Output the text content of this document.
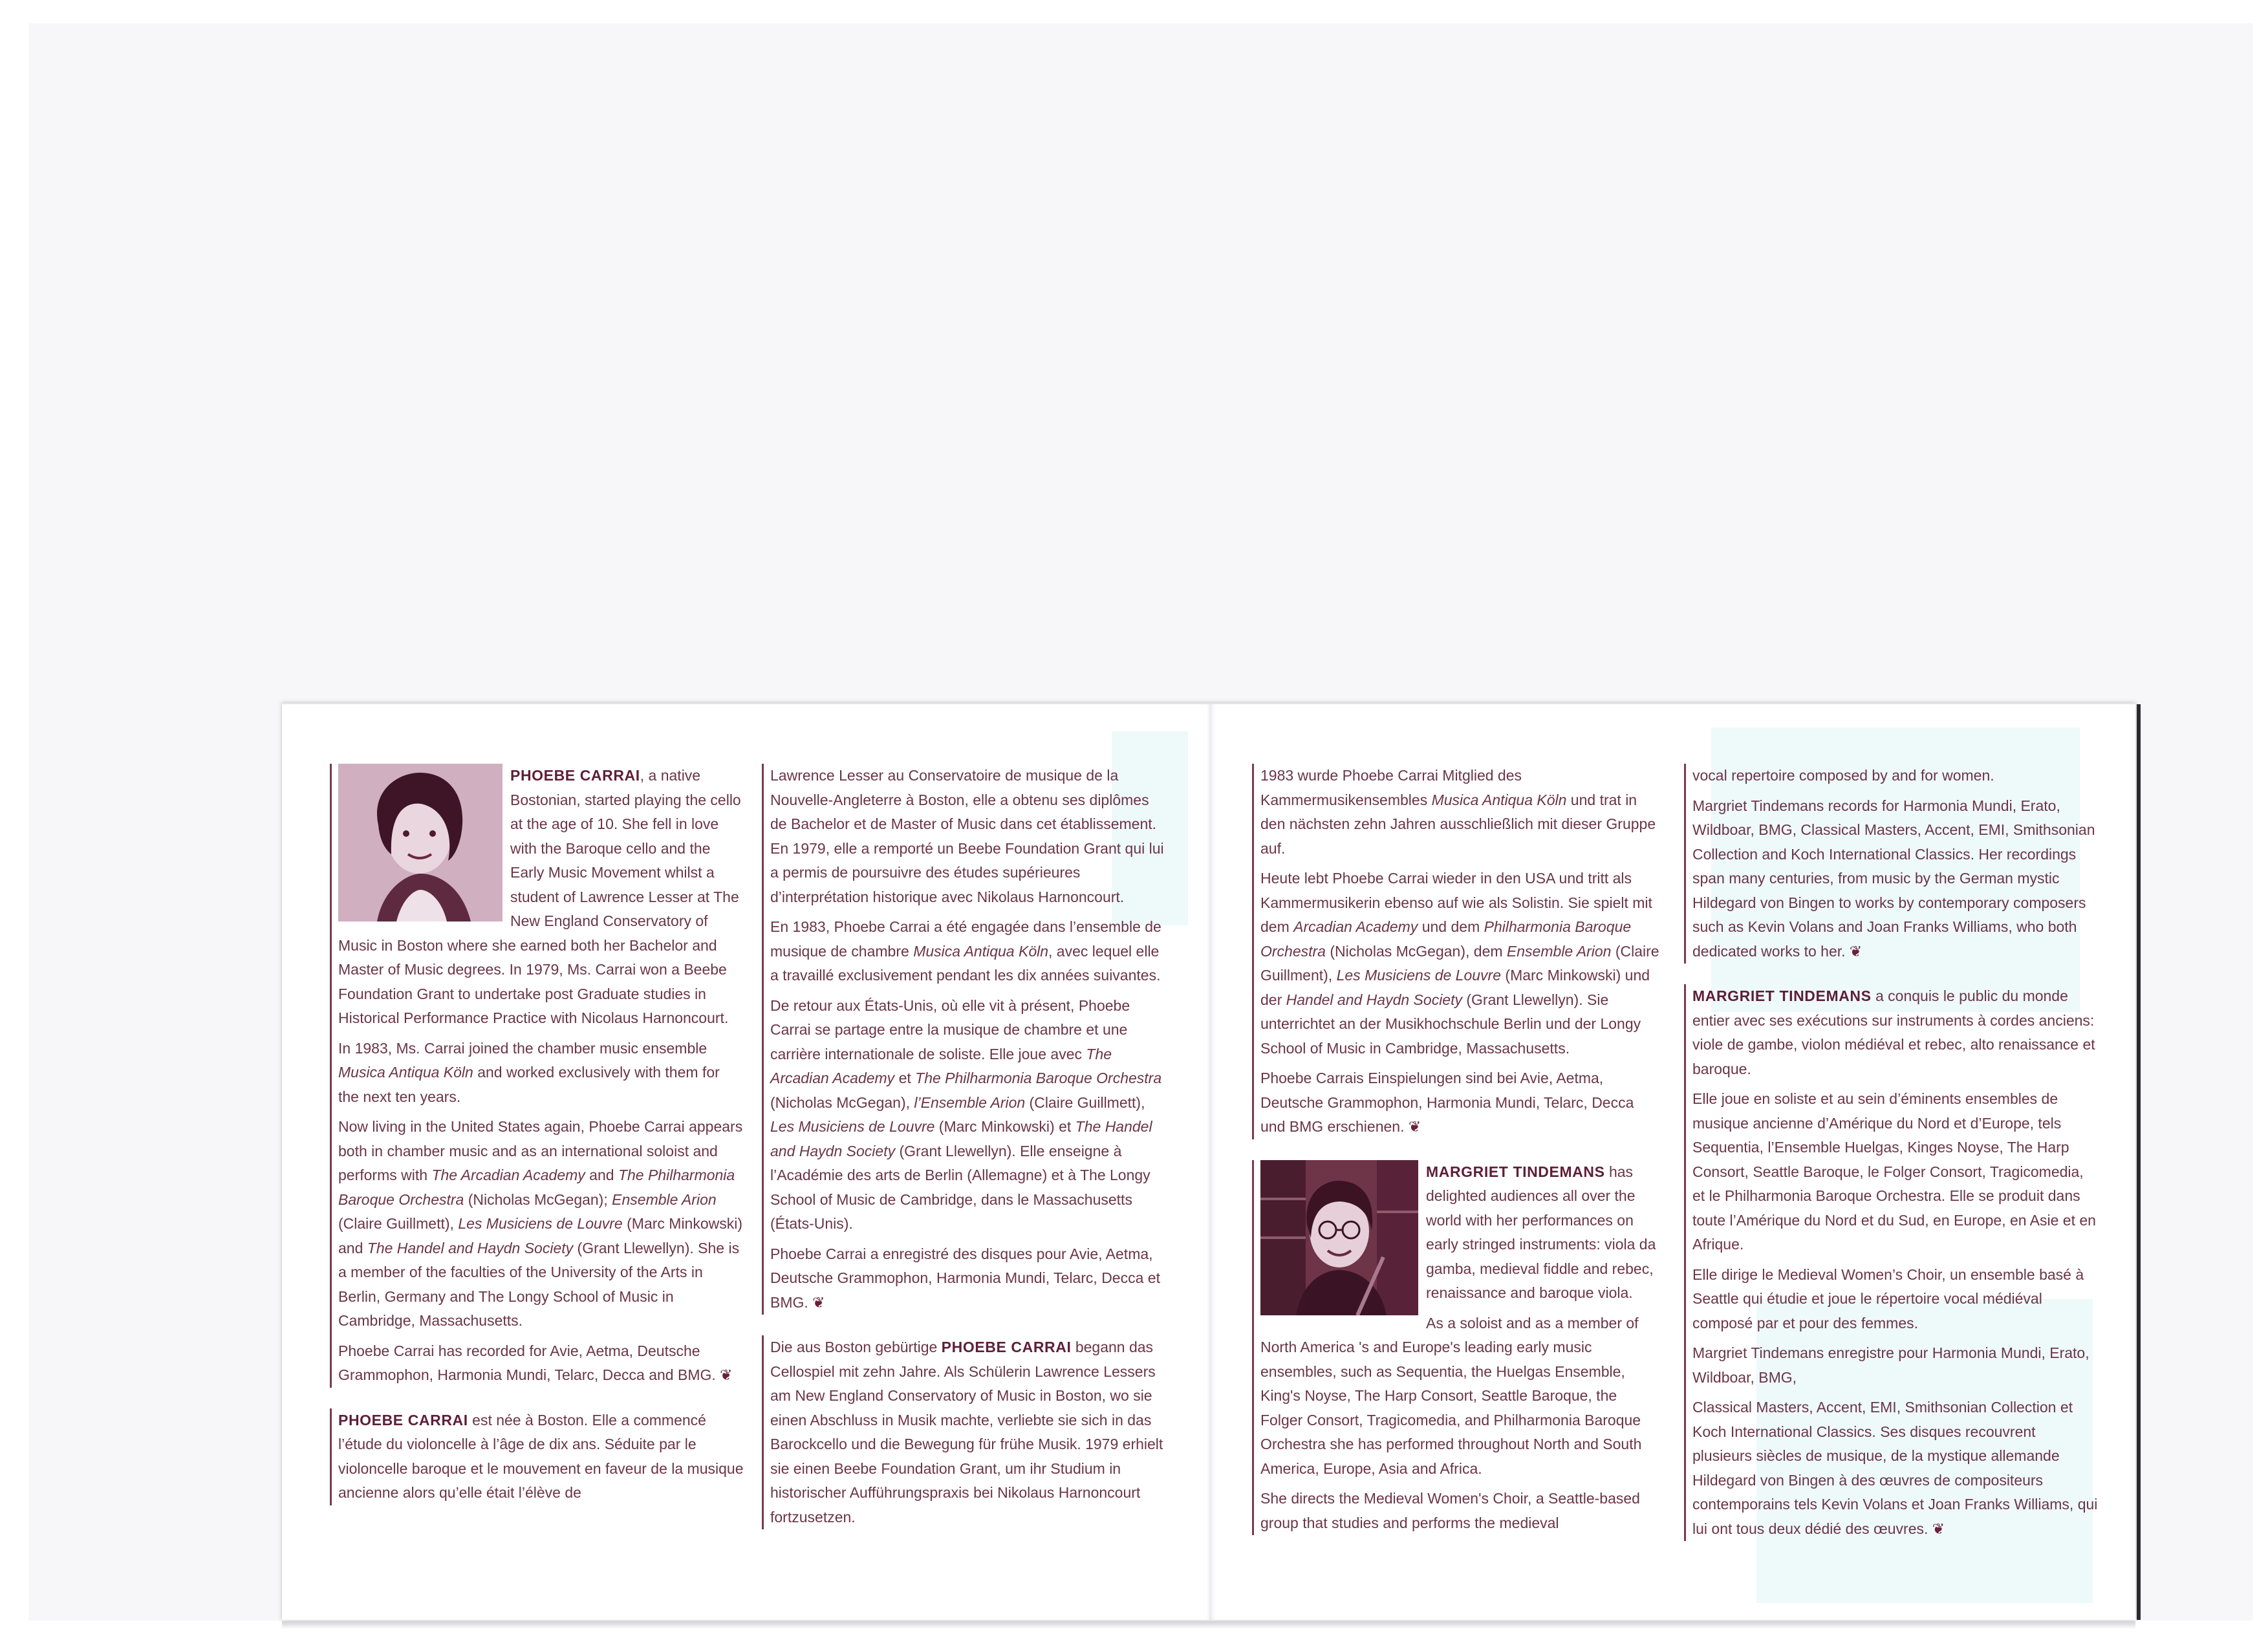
PHOEBE CARRAI, a native Bostonian, started playing the cello at the age of 10. She fell in love with the Baroque cello and the Early Music Movement whilst a student of Lawrence Lesser at The New England Conservatory of Music in Boston where she earned both her Bachelor and Master of Music degrees. In 1979, Ms. Carrai won a Beebe Foundation Grant to undertake post Graduate studies in Historical Performance Practice with Nicolaus Harnoncourt.

In 1983, Ms. Carrai joined the chamber music ensemble Musica Antiqua Köln and worked exclusively with them for the next ten years.

Now living in the United States again, Phoebe Carrai appears both in chamber music and as an international soloist and performs with The Arcadian Academy and The Philharmonia Baroque Orchestra (Nicholas McGegan); Ensemble Arion (Claire Guillmett), Les Musiciens de Louvre (Marc Minkowski) and The Handel and Haydn Society (Grant Llewellyn). She is a member of the faculties of the University of the Arts in Berlin, Germany and The Longy School of Music in Cambridge, Massachusetts.

Phoebe Carrai has recorded for Avie, Aetma, Deutsche Grammophon, Harmonia Mundi, Telarc, Decca and BMG. ❦

PHOEBE CARRAI est née à Boston. Elle a commencé l’étude du violoncelle à l’âge de dix ans. Séduite par le violoncelle baroque et le mouvement en faveur de la musique ancienne alors qu’elle était l’élève de

Lawrence Lesser au Conservatoire de musique de la Nouvelle-Angleterre à Boston, elle a obtenu ses diplômes de Bachelor et de Master of Music dans cet établissement. En 1979, elle a remporté un Beebe Foundation Grant qui lui a permis de poursuivre des études supérieures d’interprétation historique avec Nikolaus Harnoncourt.

En 1983, Phoebe Carrai a été engagée dans l’ensemble de musique de chambre Musica Antiqua Köln, avec lequel elle a travaillé exclusivement pendant les dix années suivantes.

De retour aux États-Unis, où elle vit à présent, Phoebe Carrai se partage entre la musique de chambre et une carrière internationale de soliste. Elle joue avec The Arcadian Academy et The Philharmonia Baroque Orchestra (Nicholas McGegan), l’Ensemble Arion (Claire Guillmett), Les Musiciens de Louvre (Marc Minkowski) et The Handel and Haydn Society (Grant Llewellyn). Elle enseigne à l’Académie des arts de Berlin (Allemagne) et à The Longy School of Music de Cambridge, dans le Massachusetts (États-Unis).

Phoebe Carrai a enregistré des disques pour Avie, Aetma, Deutsche Grammophon, Harmonia Mundi, Telarc, Decca et BMG. ❦

Die aus Boston gebürtige PHOEBE CARRAI begann das Cellospiel mit zehn Jahre. Als Schülerin Lawrence Lessers am New England Conservatory of Music in Boston, wo sie einen Abschluss in Musik machte, verliebte sie sich in das Barockcello und die Bewegung für frühe Musik. 1979 erhielt sie einen Beebe Foundation Grant, um ihr Studium in historischer Aufführungspraxis bei Nikolaus Harnoncourt fortzusetzen.

1983 wurde Phoebe Carrai Mitglied des Kammermusikensembles Musica Antiqua Köln und trat in den nächsten zehn Jahren ausschließlich mit dieser Gruppe auf.

Heute lebt Phoebe Carrai wieder in den USA und tritt als Kammermusikerin ebenso auf wie als Solistin. Sie spielt mit dem Arcadian Academy und dem Philharmonia Baroque Orchestra (Nicholas McGegan), dem Ensemble Arion (Claire Guillment), Les Musiciens de Louvre (Marc Minkowski) und der Handel and Haydn Society (Grant Llewellyn). Sie unterrichtet an der Musikhochschule Berlin und der Longy School of Music in Cambridge, Massachusetts.

Phoebe Carrais Einspielungen sind bei Avie, Aetma, Deutsche Grammophon, Harmonia Mundi, Telarc, Decca und BMG erschienen. ❦

MARGRIET TINDEMANS has delighted audiences all over the world with her performances on early stringed instruments: viola da gamba, medieval fiddle and rebec, renaissance and baroque viola.

As a soloist and as a member of North America 's and Europe's leading early music ensembles, such as Sequentia, the Huelgas Ensemble, King's Noyse, The Harp Consort, Seattle Baroque, the Folger Consort, Tragicomedia, and Philharmonia Baroque Orchestra she has performed throughout North and South America, Europe, Asia and Africa.

She directs the Medieval Women's Choir, a Seattle-based group that studies and performs the medieval

vocal repertoire composed by and for women.

Margriet Tindemans records for Harmonia Mundi, Erato, Wildboar, BMG, Classical Masters, Accent, EMI, Smithsonian Collection and Koch International Classics. Her recordings span many centuries, from music by the German mystic Hildegard von Bingen to works by contemporary composers such as Kevin Volans and Joan Franks Williams, who both dedicated works to her. ❦

MARGRIET TINDEMANS a conquis le public du monde entier avec ses exécutions sur instruments à cordes anciens: viole de gambe, violon médiéval et rebec, alto renaissance et baroque.

Elle joue en soliste et au sein d’éminents ensembles de musique ancienne d’Amérique du Nord et d’Europe, tels Sequentia, l’Ensemble Huelgas, Kinges Noyse, The Harp Consort, Seattle Baroque, le Folger Consort, Tragicomedia, et le Philharmonia Baroque Orchestra. Elle se produit dans toute l’Amérique du Nord et du Sud, en Europe, en Asie et en Afrique.

Elle dirige le Medieval Women’s Choir, un ensemble basé à Seattle qui étudie et joue le répertoire vocal médiéval composé par et pour des femmes.

Margriet Tindemans enregistre pour Harmonia Mundi, Erato, Wildboar, BMG,

Classical Masters, Accent, EMI, Smithsonian Collection et Koch International Classics. Ses disques recouvrent plusieurs siècles de musique, de la mystique allemande Hildegard von Bingen à des œuvres de compositeurs contemporains tels Kevin Volans et Joan Franks Williams, qui lui ont tous deux dédié des œuvres. ❦
